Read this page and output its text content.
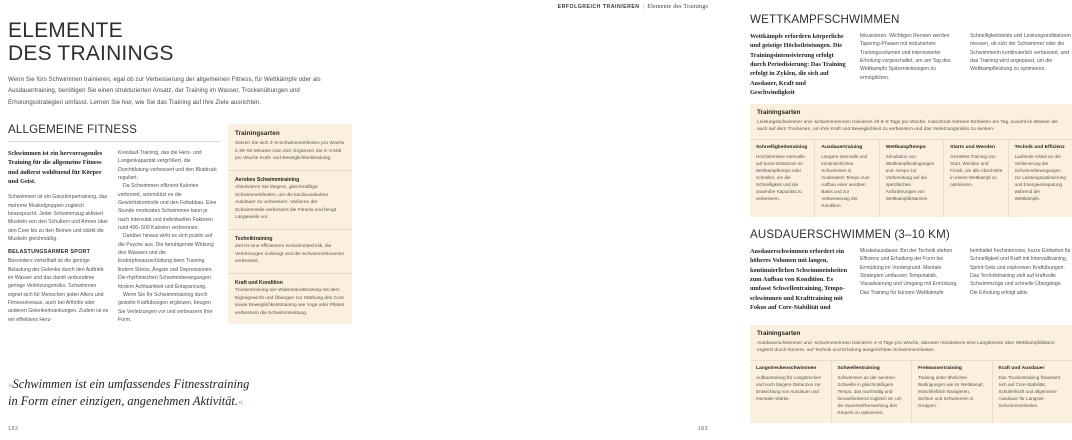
ELEMENTE
DES TRAININGS

Wenn Sie fürs Schwimmen trainieren, egal ob zur Verbesserung der allgemeinen Fitness, für Wettkämpfe oder als Ausdauertraining, benötigen Sie einen strukturierten Ansatz, der Training im Wasser, Trockenübungen und Erholungsstrategien umfasst. Lernen Sie hier, wie Sie das Training auf Ihre Ziele ausrichten.

ALLGEMEINE FITNESS

Schwimmen ist ein hervorragendes Training für die allgemeine Fitness und äußerst wohltuend für Körper und Geist.

Schwimmen ist ein Ganzkörpertraining, das mehrere Muskelgruppen zugleich beansprucht. Jeder Schwimmzug aktiviert Muskeln von den Schultern und Armen über den Core bis zu den Beinen und stärkt die Muskeln gleichmäßig.

BELASTUNGSARMER SPORT

Besonders vorteilhaft ist die geringe Belastung der Gelenke durch den Auftrieb im Wasser und das damit verbundene geringe Verletzungsrisiko. Schwimmen eignet sich für Menschen jeden Alters und Fitnessniveaus, auch bei Arthritis oder anderen Gelenkerkrankungen. Zudem ist es ein effektives Herz-

Kreislauf-Training, das die Herz- und Lungenkapazität vergrößert, die Durchblutung verbessert und den Blutdruck reguliert.

Da Schwimmen effizient Kalorien verbrennt, unterstützt es die Gewichtskontrolle und den Fettabbau. Eine Stunde moderates Schwimmen kann je nach Intensität und individuellen Faktoren rund 400–500 Kalorien verbrennen.

Darüber hinaus wirkt es sich positiv auf die Psyche aus. Die beruhigende Wirkung des Wassers und die Endorphinausschüttung beim Training lindern Stress, Ängste und Depressionen. Die rhythmischen Schwimmbewegungen fördern Achtsamkeit und Entspannung.

Wenn Sie Ihr Schwimmtraining durch gezielte Kraftübungen ergänzen, beugen Sie Verletzungen vor und verbessern Ihre Form.

Trainingsarten

Setzen Sie sich 3–5 Schwimmeinheiten pro Woche à 30–60 Minuten zum Ziel. Ergänzen Sie 2–3 Mal pro Woche Kraft- und Beweglichkeitstraining.

Aerobes Schwimmtraining

Absolvieren Sie längere, gleichmäßige Schwimmeinheiten, um die kardiovaskuläre Ausdauer zu verbessern. Variieren der Schwimmstile verbessert die Fitness und beugt Langeweile vor.

Techniktraining

Ziel ist eine effizientere Schwimmtechnik, die Verletzungen vorbeugt und die Schwimmökonomie verbessert.

Kraft und Kondition

Trockentraining wie Widerstandstraining mit dem Eigengewicht und Übungen zur Stärkung des Core sowie Beweglichkeitstraining wie Yoga oder Pilates verbessern die Schwimmleistung.

»Schwimmen ist ein umfassendes Fitnesstraining
in Form einer einzigen, angenehmen Aktivität.«
182
ERFOLGREICH TRAINIEREN | Elemente des Trainings
WETTKAMPFSCHWIMMEN

Wettkämpfe erfordern körperliche und geistige Höchstleistungen. Die Trainingsintensivierung erfolgt durch Periodisierung: Das Training erfolgt in Zyklen, die sich auf Ausdauer, Kraft und Geschwindigkeit

fokussieren. Wichtigen Rennen werden Tapering-Phasen mit reduziertem Trainingsvolumen und intensivierter Erholung vorgeschaltet, um am Tag des Wettkampfs Spitzenleistungen zu ermöglichen.

Schnelligkeitstests und Leistungsindikatoren messen, ob sich der Schwimmer oder die Schwimmerin kontinuierlich verbessert, und das Training wird angepasst, um die Wettkampfleistung zu optimieren.

Trainingsarten

Leistungsschwimmer und -schwimmerinnen trainieren oft 5–6 Tage pro Woche, manchmal mehrere Einheiten am Tag, sowohl im Wasser als auch auf dem Trockenen, um ihre Kraft und Beweglichkeit zu verbessern und das Verletzungsrisiko zu senken.

Schnelligkeitstraining

Hochintensive Intervalle auf kurze Distanzen im Wettkampftempo oder schneller, um die Schnelligkeit und die anaerobe Kapazität zu verbessern.

Ausdauertraining

Längere Intervalle und kontinuierliches Schwimmen in moderatem Tempo zum Aufbau einer aeroben Basis und zur Verbesserung der Kondition.

Wettkampftempo

Simulation von Wettkampfbedingungen und -tempo zur Vorbereitung auf die spezifischen Anforderungen von Wettkampfdistanzen.

Starts und Wenden

Gezieltes Training von Start, Wenden und Finish, um alle Abschnitte in einem Wettkampf zu optimieren.

Technik und Effizienz

Laufende Arbeit an der Verfeinerung der Schwimmbewegungen zur Leistungsoptimierung und Energieeinsparung während der Wettkämpfe.

AUSDAUERSCHWIMMEN (3–10 KM)

Ausdauerschwimmen erfordert ein höheres Volumen mit langen, kontinuierlichen Schwimmeinheiten zum Aufbau von Kondition. Es umfasst Schwellentraining, Temposchwimmen und Krafttraining mit Fokus auf Core-Stabilität und

Muskelausdauer. Bei der Technik stehen Effizienz und Erhaltung der Form bei Ermüdung im Vordergrund. Mentale Strategien umfassen Tempotaktik, Visualisierung und Umgang mit Ermüdung. Das Training für kürzere Wettkämpfe

beinhaltet hochintensive, kurze Einheiten für Schnelligkeit und Kraft mit Intervalltraining, Sprint-Sets und explosiven Kraftübungen. Das Techniktraining zielt auf kraftvolle Schwimmzüge und schnelle Übergänge. Die Erholung erfolgt aktiv.

Trainingsarten

Ausdauerschwimmer und -schwimmerinnen trainieren 4–6 Tage pro Woche, darunter mindestens eine Langstrecke über Wettkampfdistanz, ergänzt durch kürzere, auf Technik und Erholung ausgerichtete Schwimmeinheiten.

Langstreckenschwimmen

Aufbautraining für Langstrecken und noch längere Distanzen zur Entwicklung von Ausdauer und mentaler Stärke.

Schwellentraining

Schwimmen an der aeroben Schwelle in gleichmäßigem Tempo, das nachhaltig und herausfordernd zugleich ist, um die Sauerstoffverwertung des Körpers zu optimieren.

Freiwassertraining

Training unter ähnlichen Bedingungen wie im Wettkampf, einschließlich Navigieren, Sichten und Schwimmen in Gruppen.

Kraft und Ausdauer

Das Trockentraining fokussiert sich auf Core-Stabilität, Schulterkraft und allgemeine Ausdauer für Langzeit-Schwimmeinheiten.

183
